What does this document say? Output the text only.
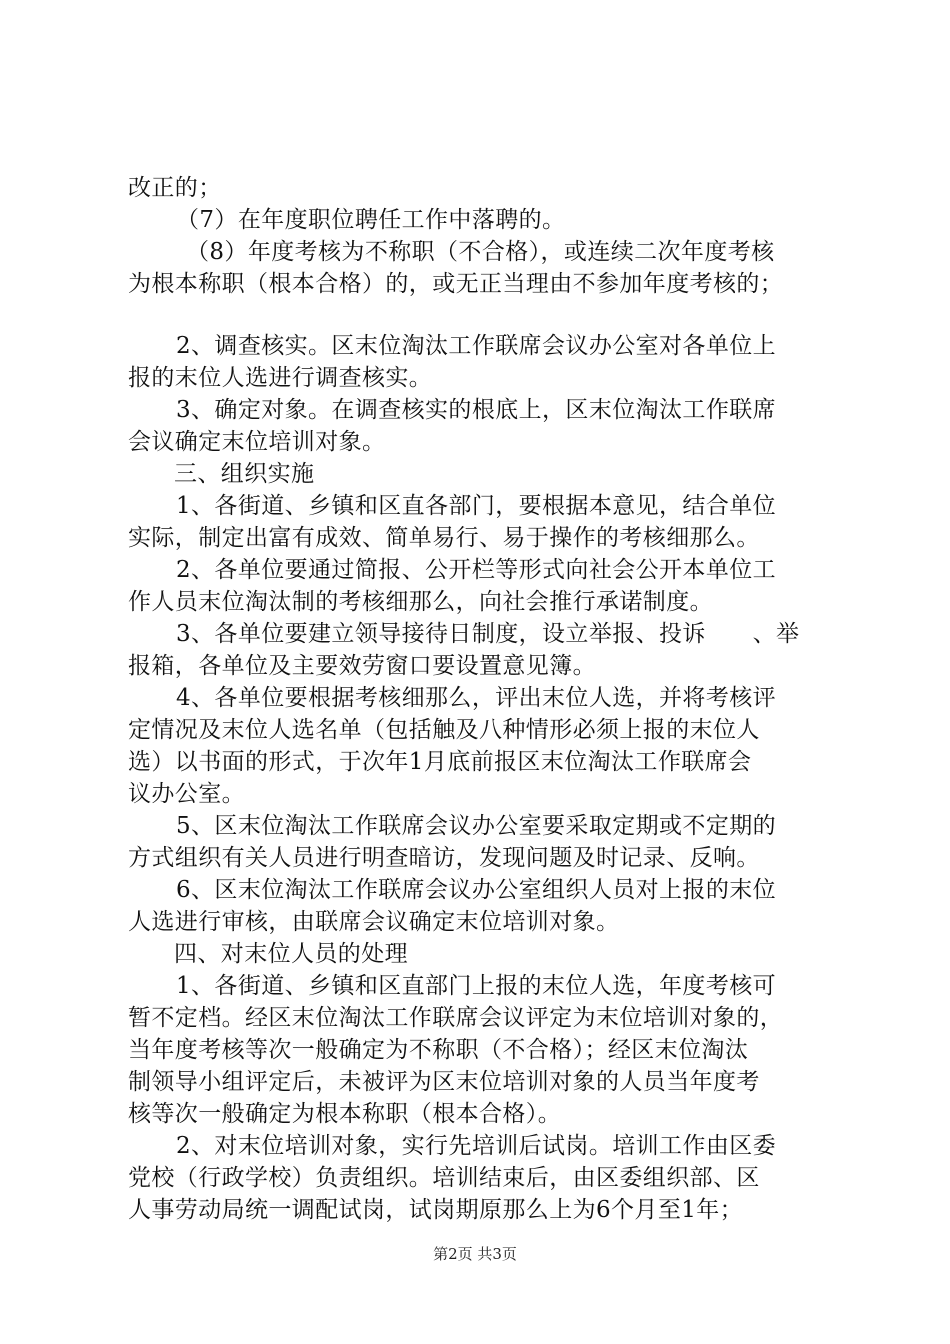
改正的；
（7）在年度职位聘任工作中落聘的。
（8）年度考核为不称职（不合格），或连续二次年度考核
为根本称职（根本合格）的，或无正当理由不参加年度考核的；
2、调查核实。区末位淘汰工作联席会议办公室对各单位上
报的末位人选进行调查核实。
3、确定对象。在调查核实的根底上，区末位淘汰工作联席
会议确定末位培训对象。
三、组织实施
1、各街道、乡镇和区直各部门，要根据本意见，结合单位
实际，制定出富有成效、简单易行、易于操作的考核细那么。
2、各单位要通过简报、公开栏等形式向社会公开本单位工
作人员末位淘汰制的考核细那么，向社会推行承诺制度。
3、各单位要建立领导接待日制度，设立举报、投诉　　、举
报箱，各单位及主要效劳窗口要设置意见簿。
4、各单位要根据考核细那么，评出末位人选，并将考核评
定情况及末位人选名单（包括触及八种情形必须上报的末位人
选）以书面的形式，于次年1月底前报区末位淘汰工作联席会
议办公室。
5、区末位淘汰工作联席会议办公室要采取定期或不定期的
方式组织有关人员进行明查暗访，发现问题及时记录、反响。
6、区末位淘汰工作联席会议办公室组织人员对上报的末位
人选进行审核，由联席会议确定末位培训对象。
四、对末位人员的处理
1、各街道、乡镇和区直部门上报的末位人选，年度考核可
暂不定档。经区末位淘汰工作联席会议评定为末位培训对象的，
当年度考核等次一般确定为不称职（不合格）；经区末位淘汰
制领导小组评定后，未被评为区末位培训对象的人员当年度考
核等次一般确定为根本称职（根本合格）。
2、对末位培训对象，实行先培训后试岗。培训工作由区委
党校（行政学校）负责组织。培训结束后，由区委组织部、区
人事劳动局统一调配试岗，试岗期原那么上为6个月至1年；
第2页 共3页
